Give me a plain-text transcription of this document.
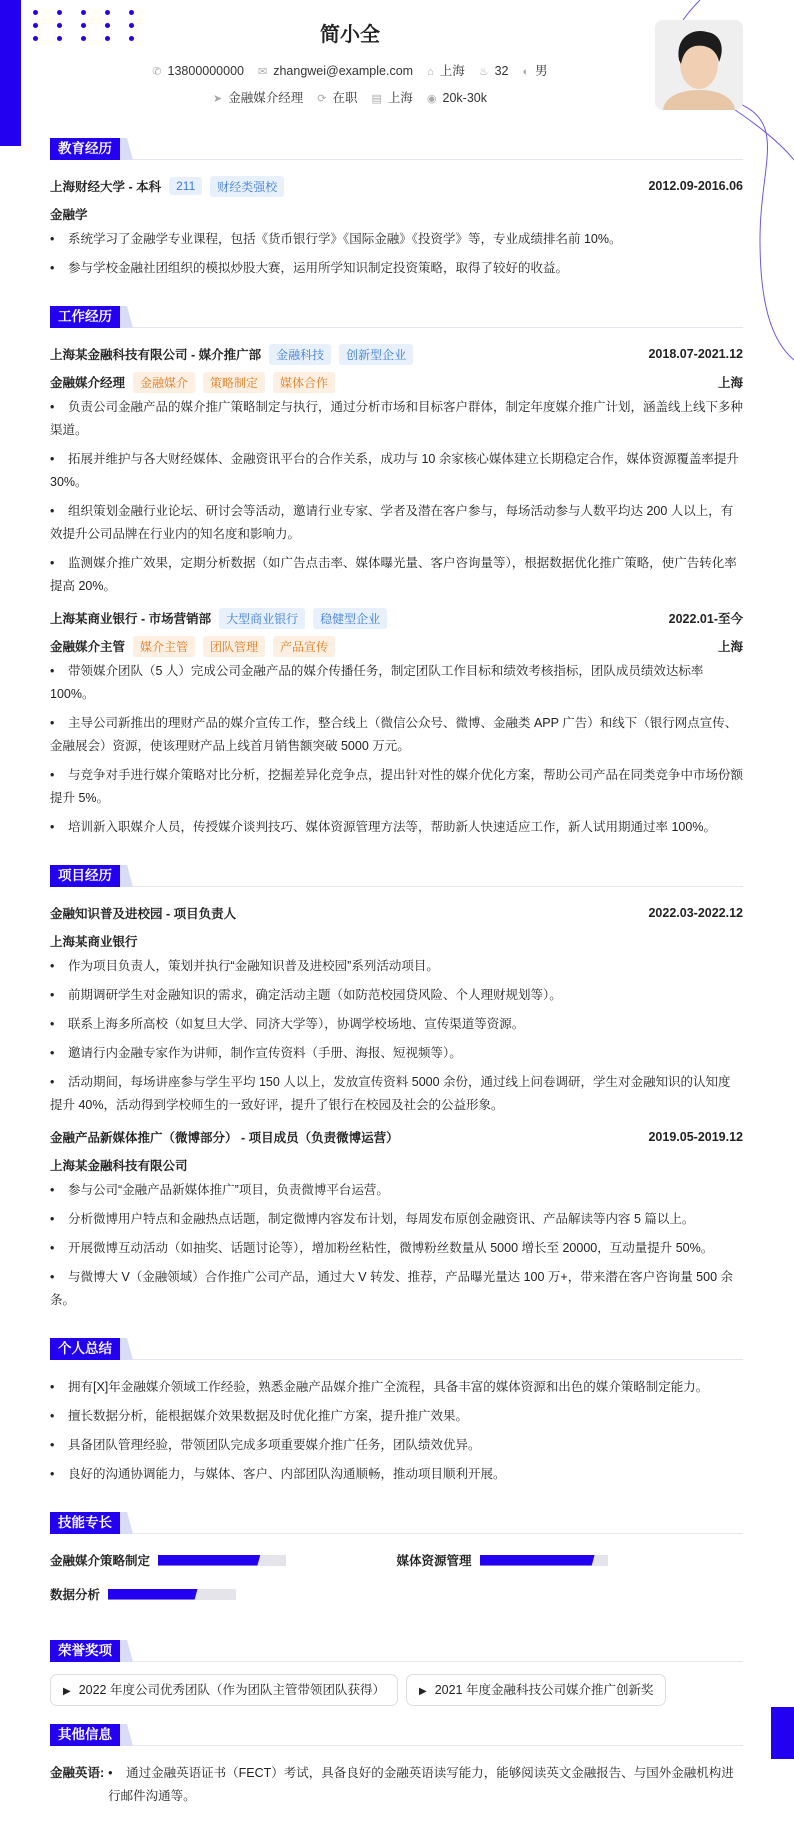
简小全
✆ 13800000000 ✉ zhangwei@example.com ⌂ 上海 ♨ 32 ◐ 男
➤ 金融媒介经理 ⟳ 在职 ▤ 上海 ◉ 20k-30k
教育经历
上海财经大学 - 本科	211	财经类强校	2012.09-2016.06
金融学
• 系统学习了金融学专业课程，包括《货币银行学》《国际金融》《投资学》等，专业成绩排名前 10%。
• 参与学校金融社团组织的模拟炒股大赛，运用所学知识制定投资策略，取得了较好的收益。
工作经历
上海某金融科技有限公司 - 媒介推广部	金融科技	创新型企业	2018.07-2021.12
金融媒介经理	金融媒介	策略制定	媒体合作	上海
• 负责公司金融产品的媒介推广策略制定与执行，通过分析市场和目标客户群体，制定年度媒介推广计划，涵盖线上线下多种渠道。
• 拓展并维护与各大财经媒体、金融资讯平台的合作关系，成功与 10 余家核心媒体建立长期稳定合作，媒体资源覆盖率提升 30%。
• 组织策划金融行业论坛、研讨会等活动，邀请行业专家、学者及潜在客户参与，每场活动参与人数平均达 200 人以上，有效提升公司品牌在行业内的知名度和影响力。
• 监测媒介推广效果，定期分析数据（如广告点击率、媒体曝光量、客户咨询量等），根据数据优化推广策略，使广告转化率提高 20%。
上海某商业银行 - 市场营销部	大型商业银行	稳健型企业	2022.01-至今
金融媒介主管	媒介主管	团队管理	产品宣传	上海
• 带领媒介团队（5 人）完成公司金融产品的媒介传播任务，制定团队工作目标和绩效考核指标，团队成员绩效达标率 100%。
• 主导公司新推出的理财产品的媒介宣传工作，整合线上（微信公众号、微博、金融类 APP 广告）和线下（银行网点宣传、金融展会）资源，使该理财产品上线首月销售额突破 5000 万元。
• 与竞争对手进行媒介策略对比分析，挖掘差异化竞争点，提出针对性的媒介优化方案，帮助公司产品在同类竞争中市场份额提升 5%。
• 培训新入职媒介人员，传授媒介谈判技巧、媒体资源管理方法等，帮助新人快速适应工作，新人试用期通过率 100%。
项目经历
金融知识普及进校园 - 项目负责人	2022.03-2022.12
上海某商业银行
• 作为项目负责人，策划并执行“金融知识普及进校园”系列活动项目。
• 前期调研学生对金融知识的需求，确定活动主题（如防范校园贷风险、个人理财规划等）。
• 联系上海多所高校（如复旦大学、同济大学等），协调学校场地、宣传渠道等资源。
• 邀请行内金融专家作为讲师，制作宣传资料（手册、海报、短视频等）。
• 活动期间，每场讲座参与学生平均 150 人以上，发放宣传资料 5000 余份，通过线上问卷调研，学生对金融知识的认知度提升 40%，活动得到学校师生的一致好评，提升了银行在校园及社会的公益形象。
金融产品新媒体推广（微博部分） - 项目成员（负责微博运营）	2019.05-2019.12
上海某金融科技有限公司
• 参与公司“金融产品新媒体推广”项目，负责微博平台运营。
• 分析微博用户特点和金融热点话题，制定微博内容发布计划，每周发布原创金融资讯、产品解读等内容 5 篇以上。
• 开展微博互动活动（如抽奖、话题讨论等），增加粉丝粘性，微博粉丝数量从 5000 增长至 20000，互动量提升 50%。
• 与微博大 V（金融领域）合作推广公司产品，通过大 V 转发、推荐，产品曝光量达 100 万+，带来潜在客户咨询量 500 余条。
个人总结
• 拥有[X]年金融媒介领域工作经验，熟悉金融产品媒介推广全流程，具备丰富的媒体资源和出色的媒介策略制定能力。
• 擅长数据分析，能根据媒介效果数据及时优化推广方案，提升推广效果。
• 具备团队管理经验，带领团队完成多项重要媒介推广任务，团队绩效优异。
• 良好的沟通协调能力，与媒体、客户、内部团队沟通顺畅，推动项目顺利开展。
技能专长
金融媒介策略制定	媒体资源管理
数据分析
荣誉奖项
▶ 2022 年度公司优秀团队（作为团队主管带领团队获得）	▶ 2021 年度金融科技公司媒介推广创新奖
其他信息
金融英语: • 通过金融英语证书（FECT）考试，具备良好的金融英语读写能力，能够阅读英文金融报告、与国外金融机构进行邮件沟通等。
